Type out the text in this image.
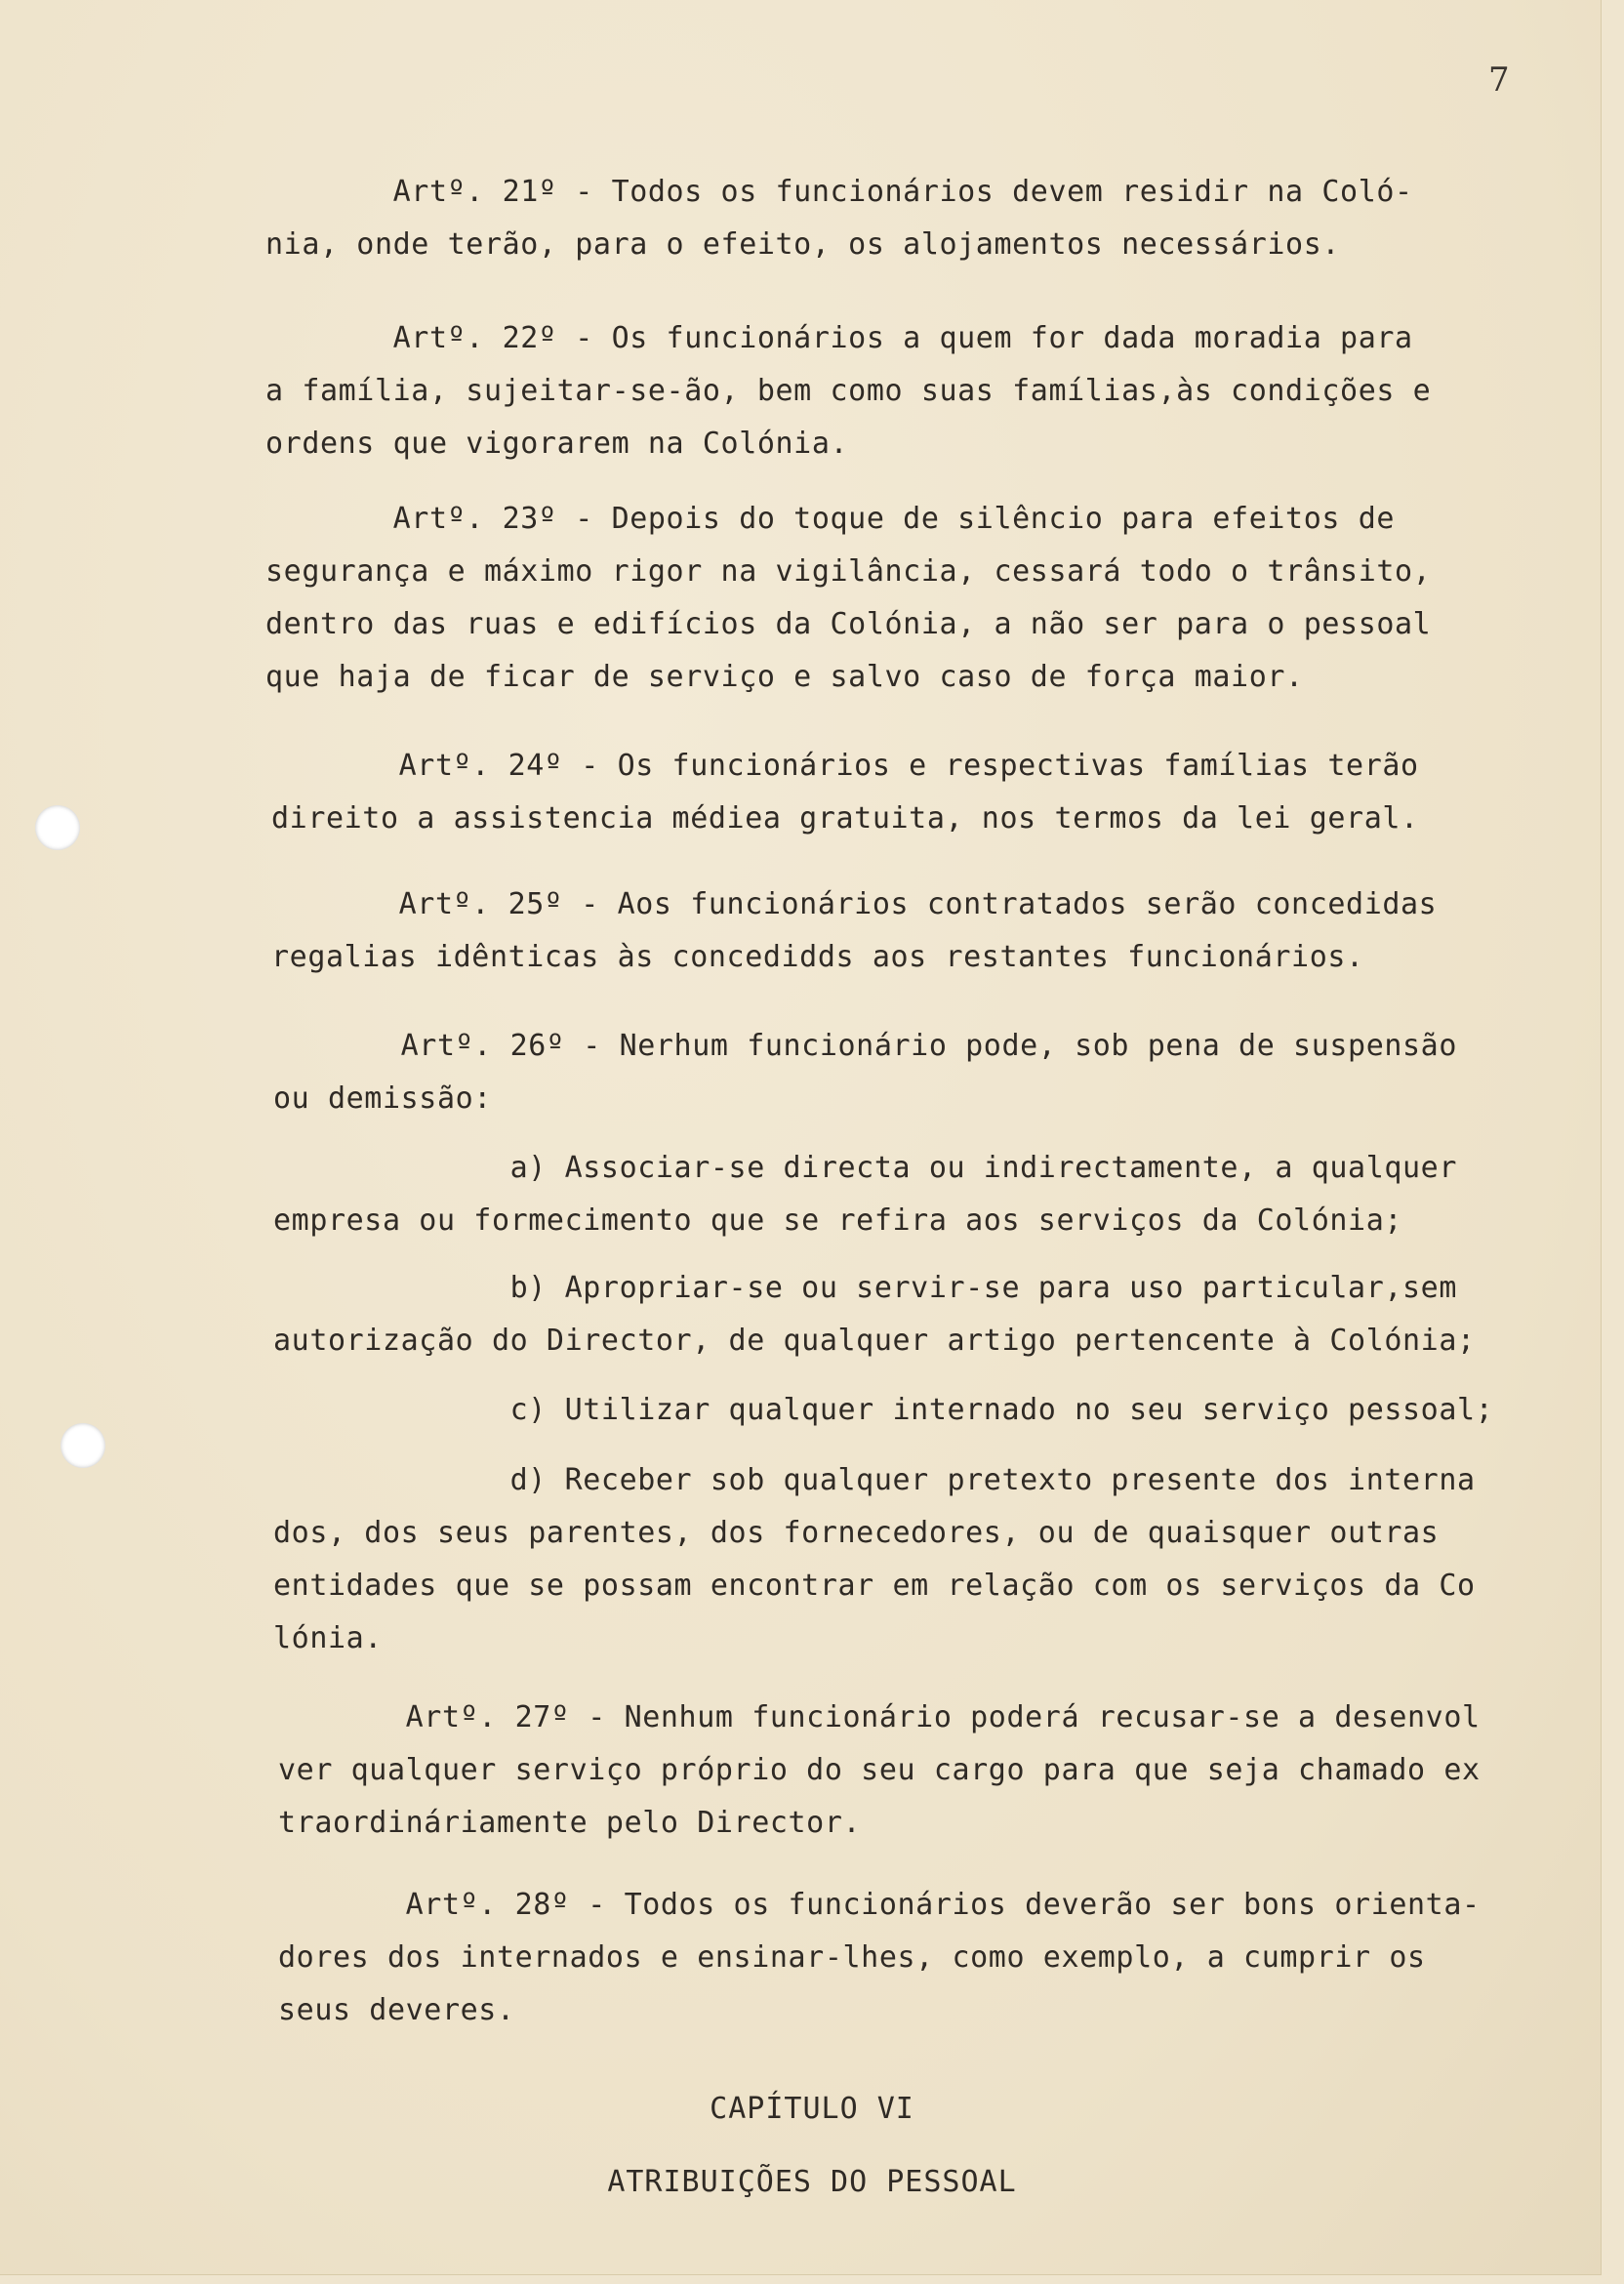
7
Artº. 21º - Todos os funcionários devem residir na Coló-
nia, onde terão, para o efeito, os alojamentos necessários.
Artº. 22º - Os funcionários a quem for dada moradia para
a família, sujeitar-se-ão, bem como suas famílias,às condições e
ordens que vigorarem na Colónia.
Artº. 23º - Depois do toque de silêncio para efeitos de
segurança e máximo rigor na vigilância, cessará todo o trânsito,
dentro das ruas e edifícios da Colónia, a não ser para o pessoal
que haja de ficar de serviço e salvo caso de força maior.
Artº. 24º - Os funcionários e respectivas famílias terão
direito a assistencia médiea gratuita, nos termos da lei geral.
Artº. 25º - Aos funcionários contratados serão concedidas
regalias idênticas às concedidds aos restantes funcionários.
Artº. 26º - Nerhum funcionário pode, sob pena de suspensão
ou demissão:
a) Associar-se directa ou indirectamente, a qualquer
empresa ou formecimento que se refira aos serviços da Colónia;
b) Apropriar-se ou servir-se para uso particular,sem
autorização do Director, de qualquer artigo pertencente à Colónia;
c) Utilizar qualquer internado no seu serviço pessoal;
d) Receber sob qualquer pretexto presente dos interna
dos, dos seus parentes, dos fornecedores, ou de quaisquer outras
entidades que se possam encontrar em relação com os serviços da Co
lónia.
Artº. 27º - Nenhum funcionário poderá recusar-se a desenvol
ver qualquer serviço próprio do seu cargo para que seja chamado ex
traordináriamente pelo Director.
Artº. 28º - Todos os funcionários deverão ser bons orienta-
dores dos internados e ensinar-lhes, como exemplo, a cumprir os
seus deveres.
CAPÍTULO VI
ATRIBUIÇÕES DO PESSOAL
